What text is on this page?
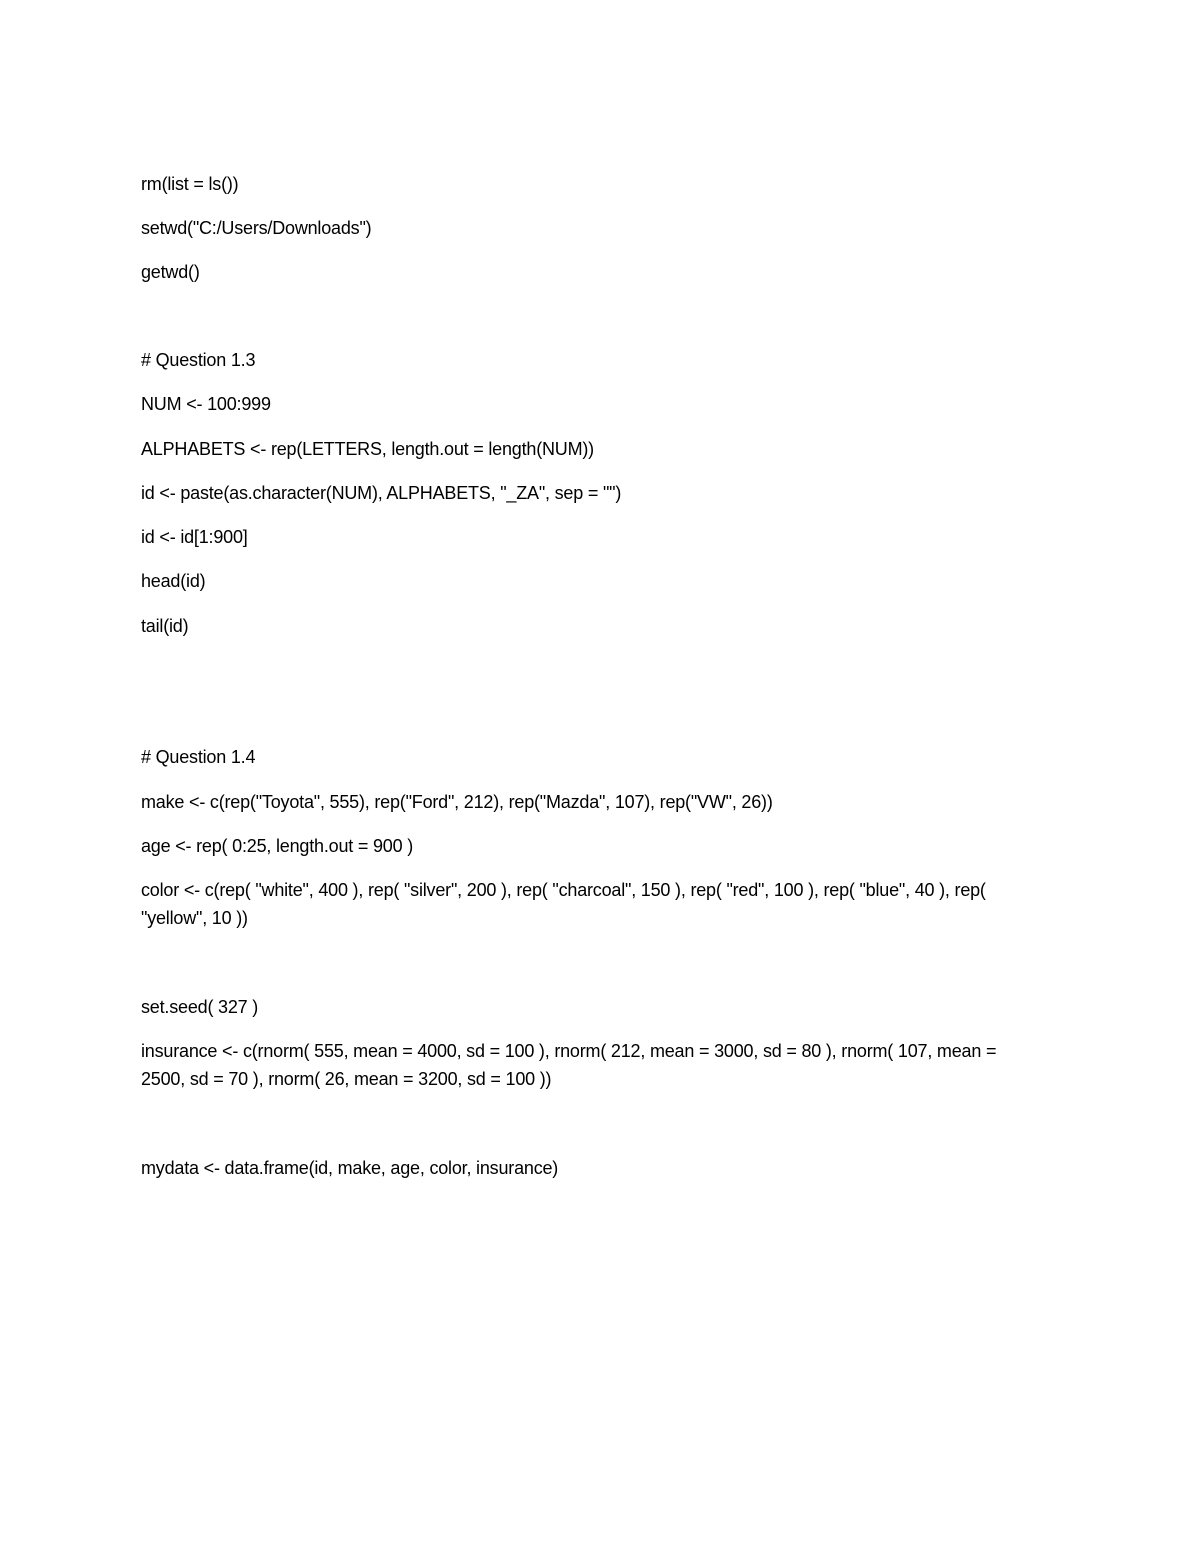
rm(list = ls())
setwd("C:/Users/Downloads")
getwd()
# Question 1.3
NUM <- 100:999
ALPHABETS <- rep(LETTERS, length.out = length(NUM))
id <- paste(as.character(NUM), ALPHABETS, "_ZA", sep = "")
id <- id[1:900]
head(id)
tail(id)
# Question 1.4
make <- c(rep("Toyota", 555), rep("Ford", 212), rep("Mazda", 107), rep("VW", 26))
age <- rep( 0:25, length.out = 900 )
color <- c(rep( "white", 400 ), rep( "silver", 200 ), rep( "charcoal", 150 ), rep( "red", 100 ), rep( "blue", 40 ), rep( "yellow", 10 ))
set.seed( 327 )
insurance <- c(rnorm( 555, mean = 4000, sd = 100 ), rnorm( 212, mean = 3000, sd = 80 ), rnorm( 107, mean = 2500, sd = 70 ), rnorm( 26, mean = 3200, sd = 100 ))
mydata <- data.frame(id, make, age, color, insurance)
